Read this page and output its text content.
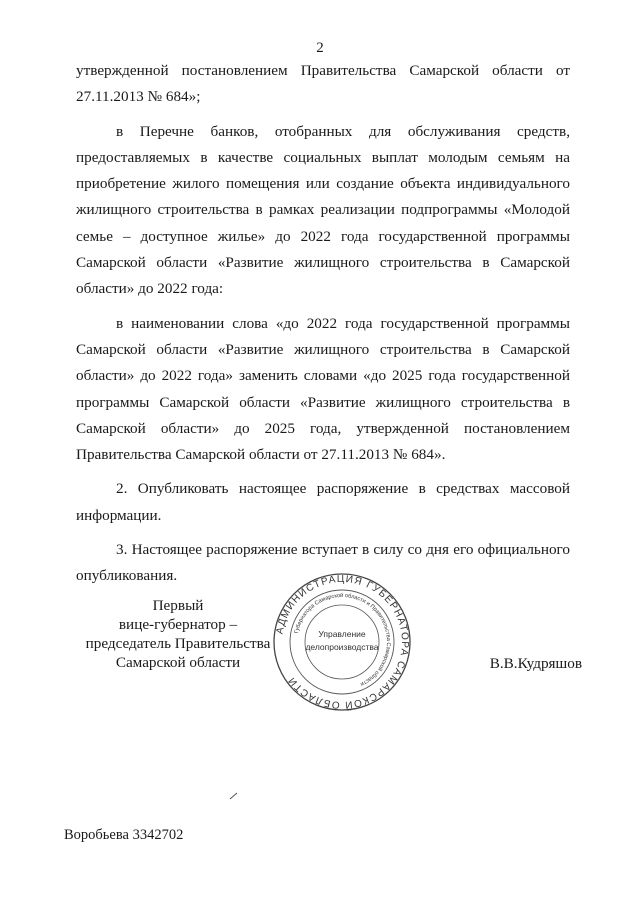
2

утвержденной постановлением Правительства Самарской области от 27.11.2013 № 684»;

в Перечне банков, отобранных для обслуживания средств, предоставляемых в качестве социальных выплат молодым семьям на приобретение жилого помещения или создание объекта индивидуального жилищного строительства в рамках реализации подпрограммы «Молодой семье – доступное жилье» до 2022 года государственной программы Самарской области «Развитие жилищного строительства в Самарской области» до 2022 года:

в наименовании слова «до 2022 года государственной программы Самарской области «Развитие жилищного строительства в Самарской области» до 2022 года» заменить словами «до 2025 года государственной программы Самарской области «Развитие жилищного строительства в Самарской области» до 2025 года, утвержденной постановлением Правительства Самарской области от 27.11.2013 № 684».

2. Опубликовать настоящее распоряжение в средствах массовой информации.

3. Настоящее распоряжение вступает в силу со дня его официального опубликования.

Первый
вице-губернатор –
председатель Правительства
Самарской области
АДМИНИСТРАЦИЯ ГУБЕРНАТОРА САМАРСКОЙ ОБЛАСТИ
Губернатора Самарской области и Правительства Самарской области
Управление
делопроизводства
В.В.Кудряшов
Воробьева 3342702
